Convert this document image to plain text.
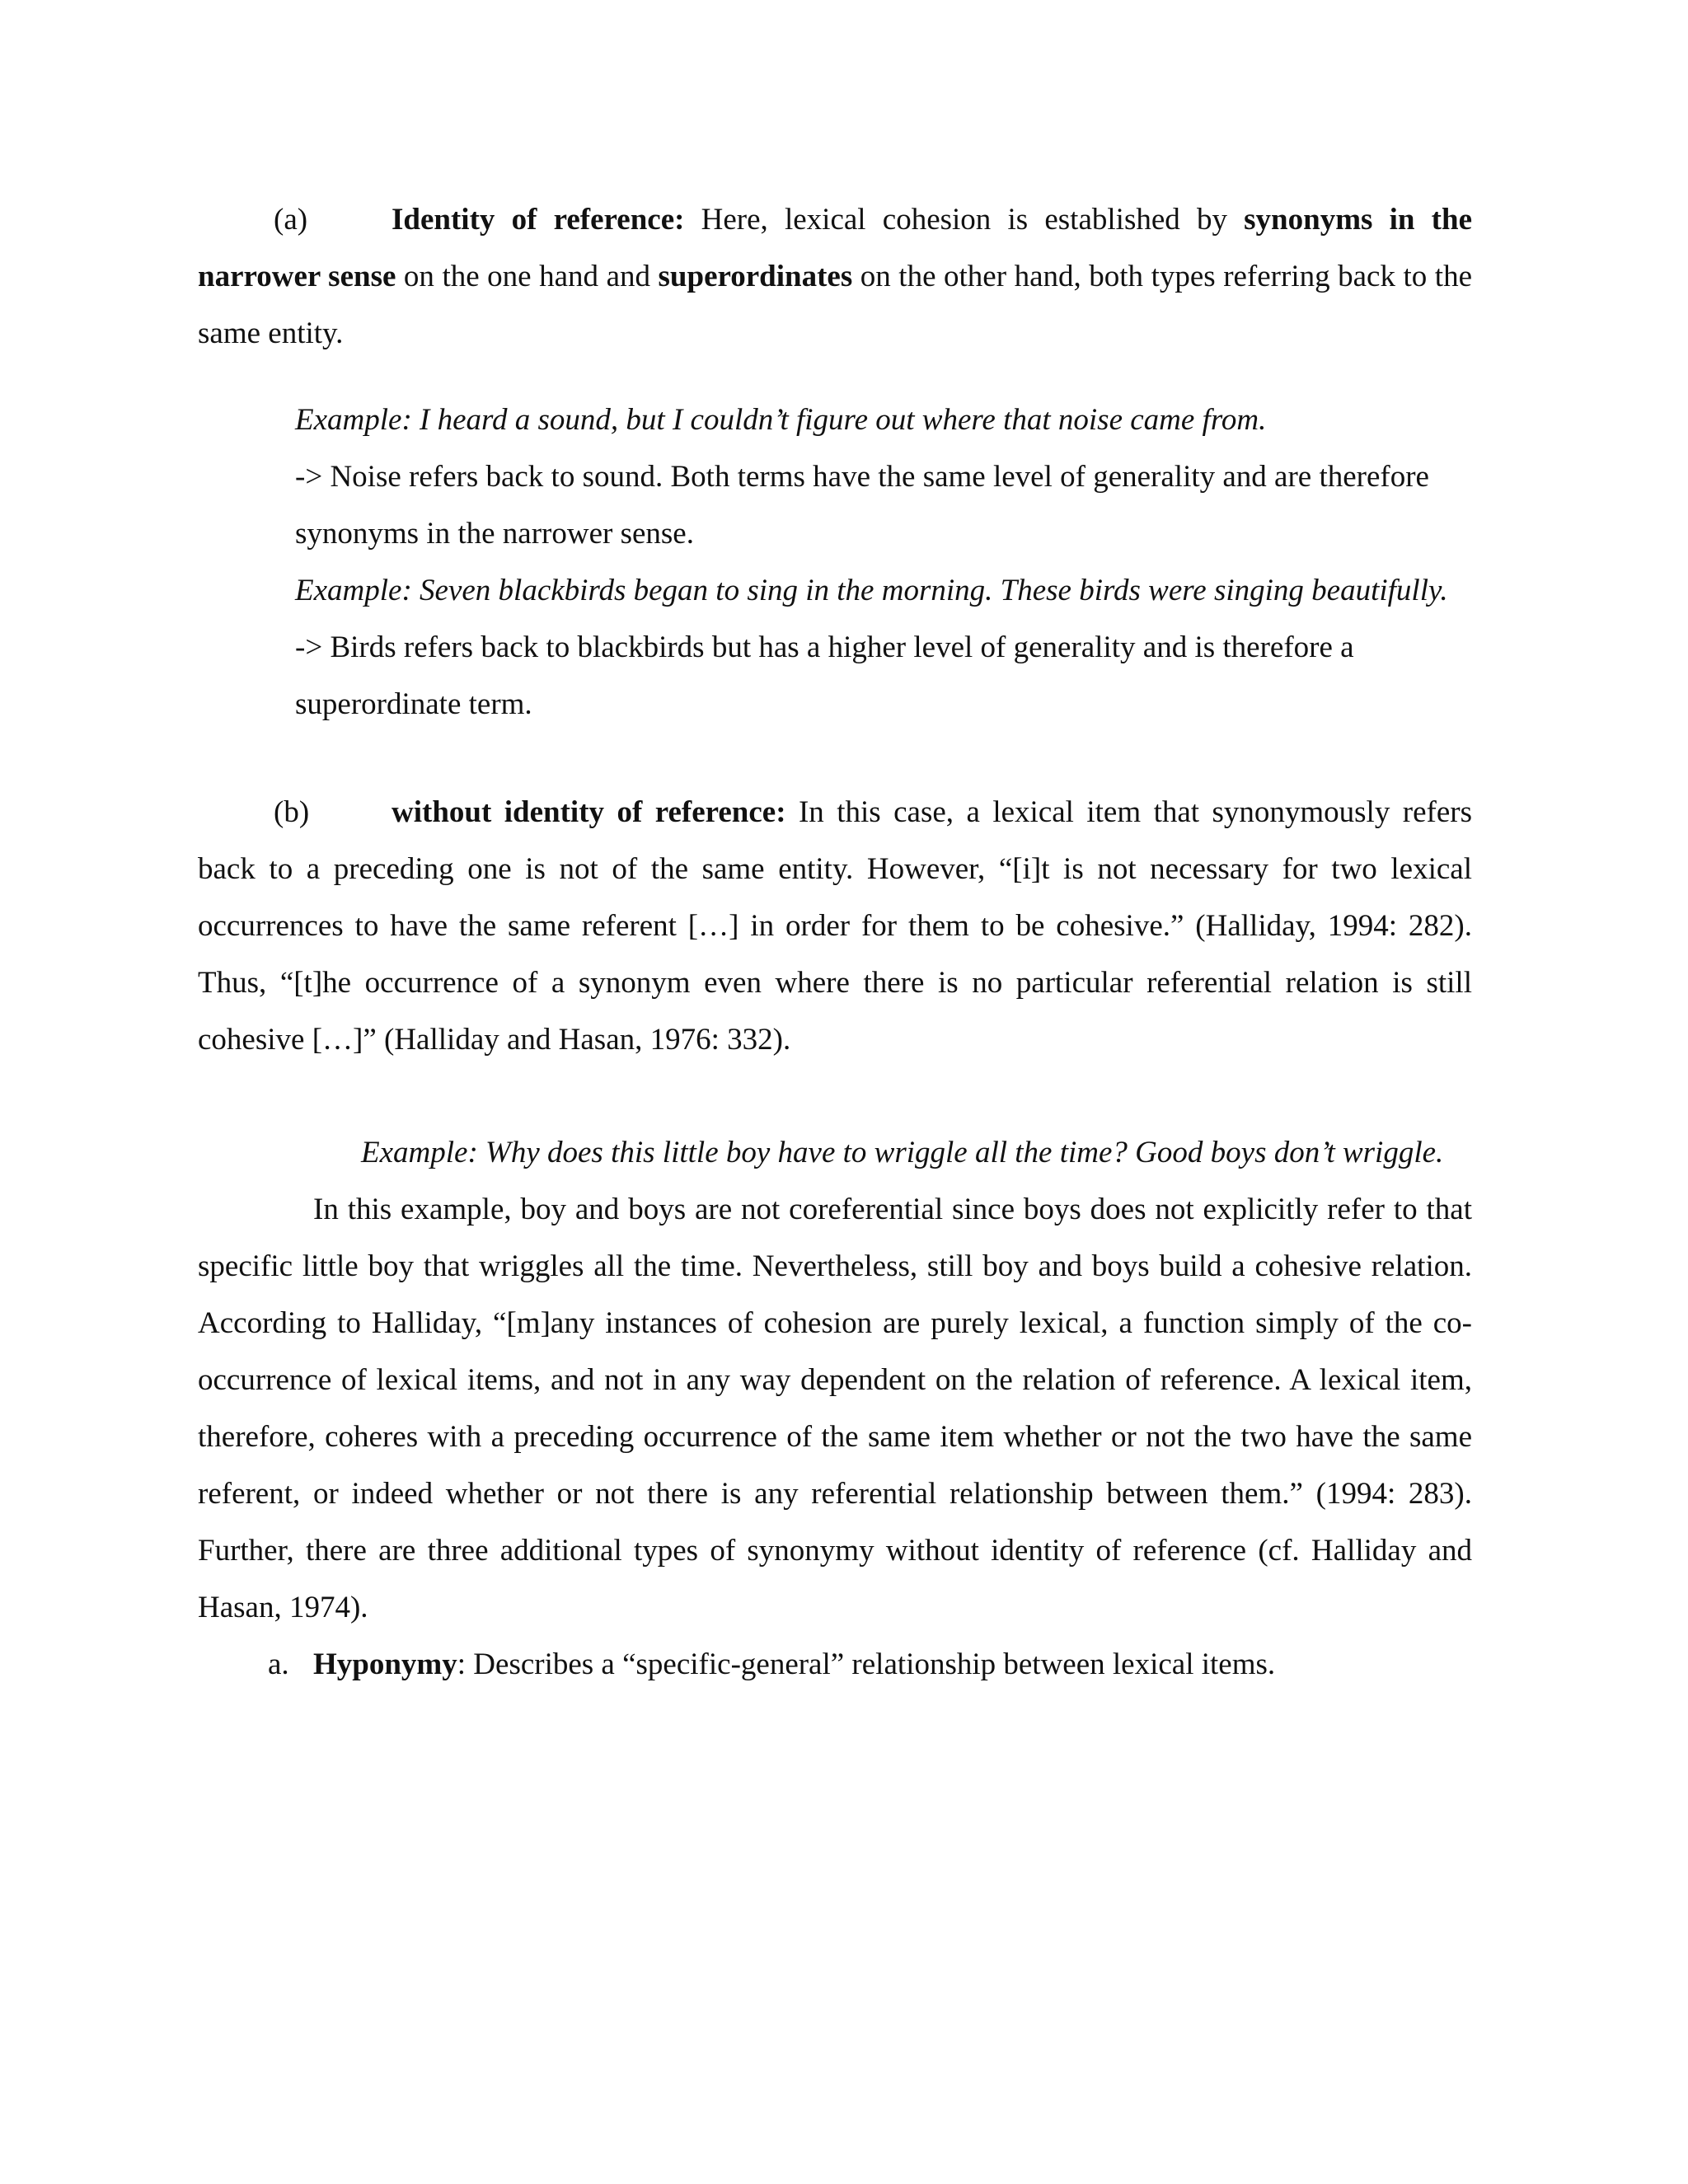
(a)	Identity of reference: Here, lexical cohesion is established by synonyms in the narrower sense on the one hand and superordinates on the other hand, both types referring back to the same entity.

Example: I heard a sound, but I couldn’t figure out where that noise came from.

-> Noise refers back to sound. Both terms have the same level of generality and are therefore synonyms in the narrower sense.

Example: Seven blackbirds began to sing in the morning. These birds were singing beautifully.

-> Birds refers back to blackbirds but has a higher level of generality and is therefore a superordinate term.

(b)	without identity of reference: In this case, a lexical item that synonymously refers back to a preceding one is not of the same entity. However, “[i]t is not necessary for two lexical occurrences to have the same referent […] in order for them to be cohesive.” (Halliday, 1994: 282). Thus, “[t]he occurrence of a synonym even where there is no particular referential relation is still cohesive […]” (Halliday and Hasan, 1976: 332).

Example: Why does this little boy have to wriggle all the time? Good boys don’t wriggle.

In this example, boy and boys are not coreferential since boys does not explicitly refer to that specific little boy that wriggles all the time. Nevertheless, still boy and boys build a cohesive relation. According to Halliday, “[m]any instances of cohesion are purely lexical, a function simply of the co-occurrence of lexical items, and not in any way dependent on the relation of reference. A lexical item, therefore, coheres with a preceding occurrence of the same item whether or not the two have the same referent, or indeed whether or not there is any referential relationship between them.” (1994: 283). Further, there are three additional types of synonymy without identity of reference (cf. Halliday and Hasan, 1974).

a. Hyponymy: Describes a “specific-general” relationship between lexical items.
